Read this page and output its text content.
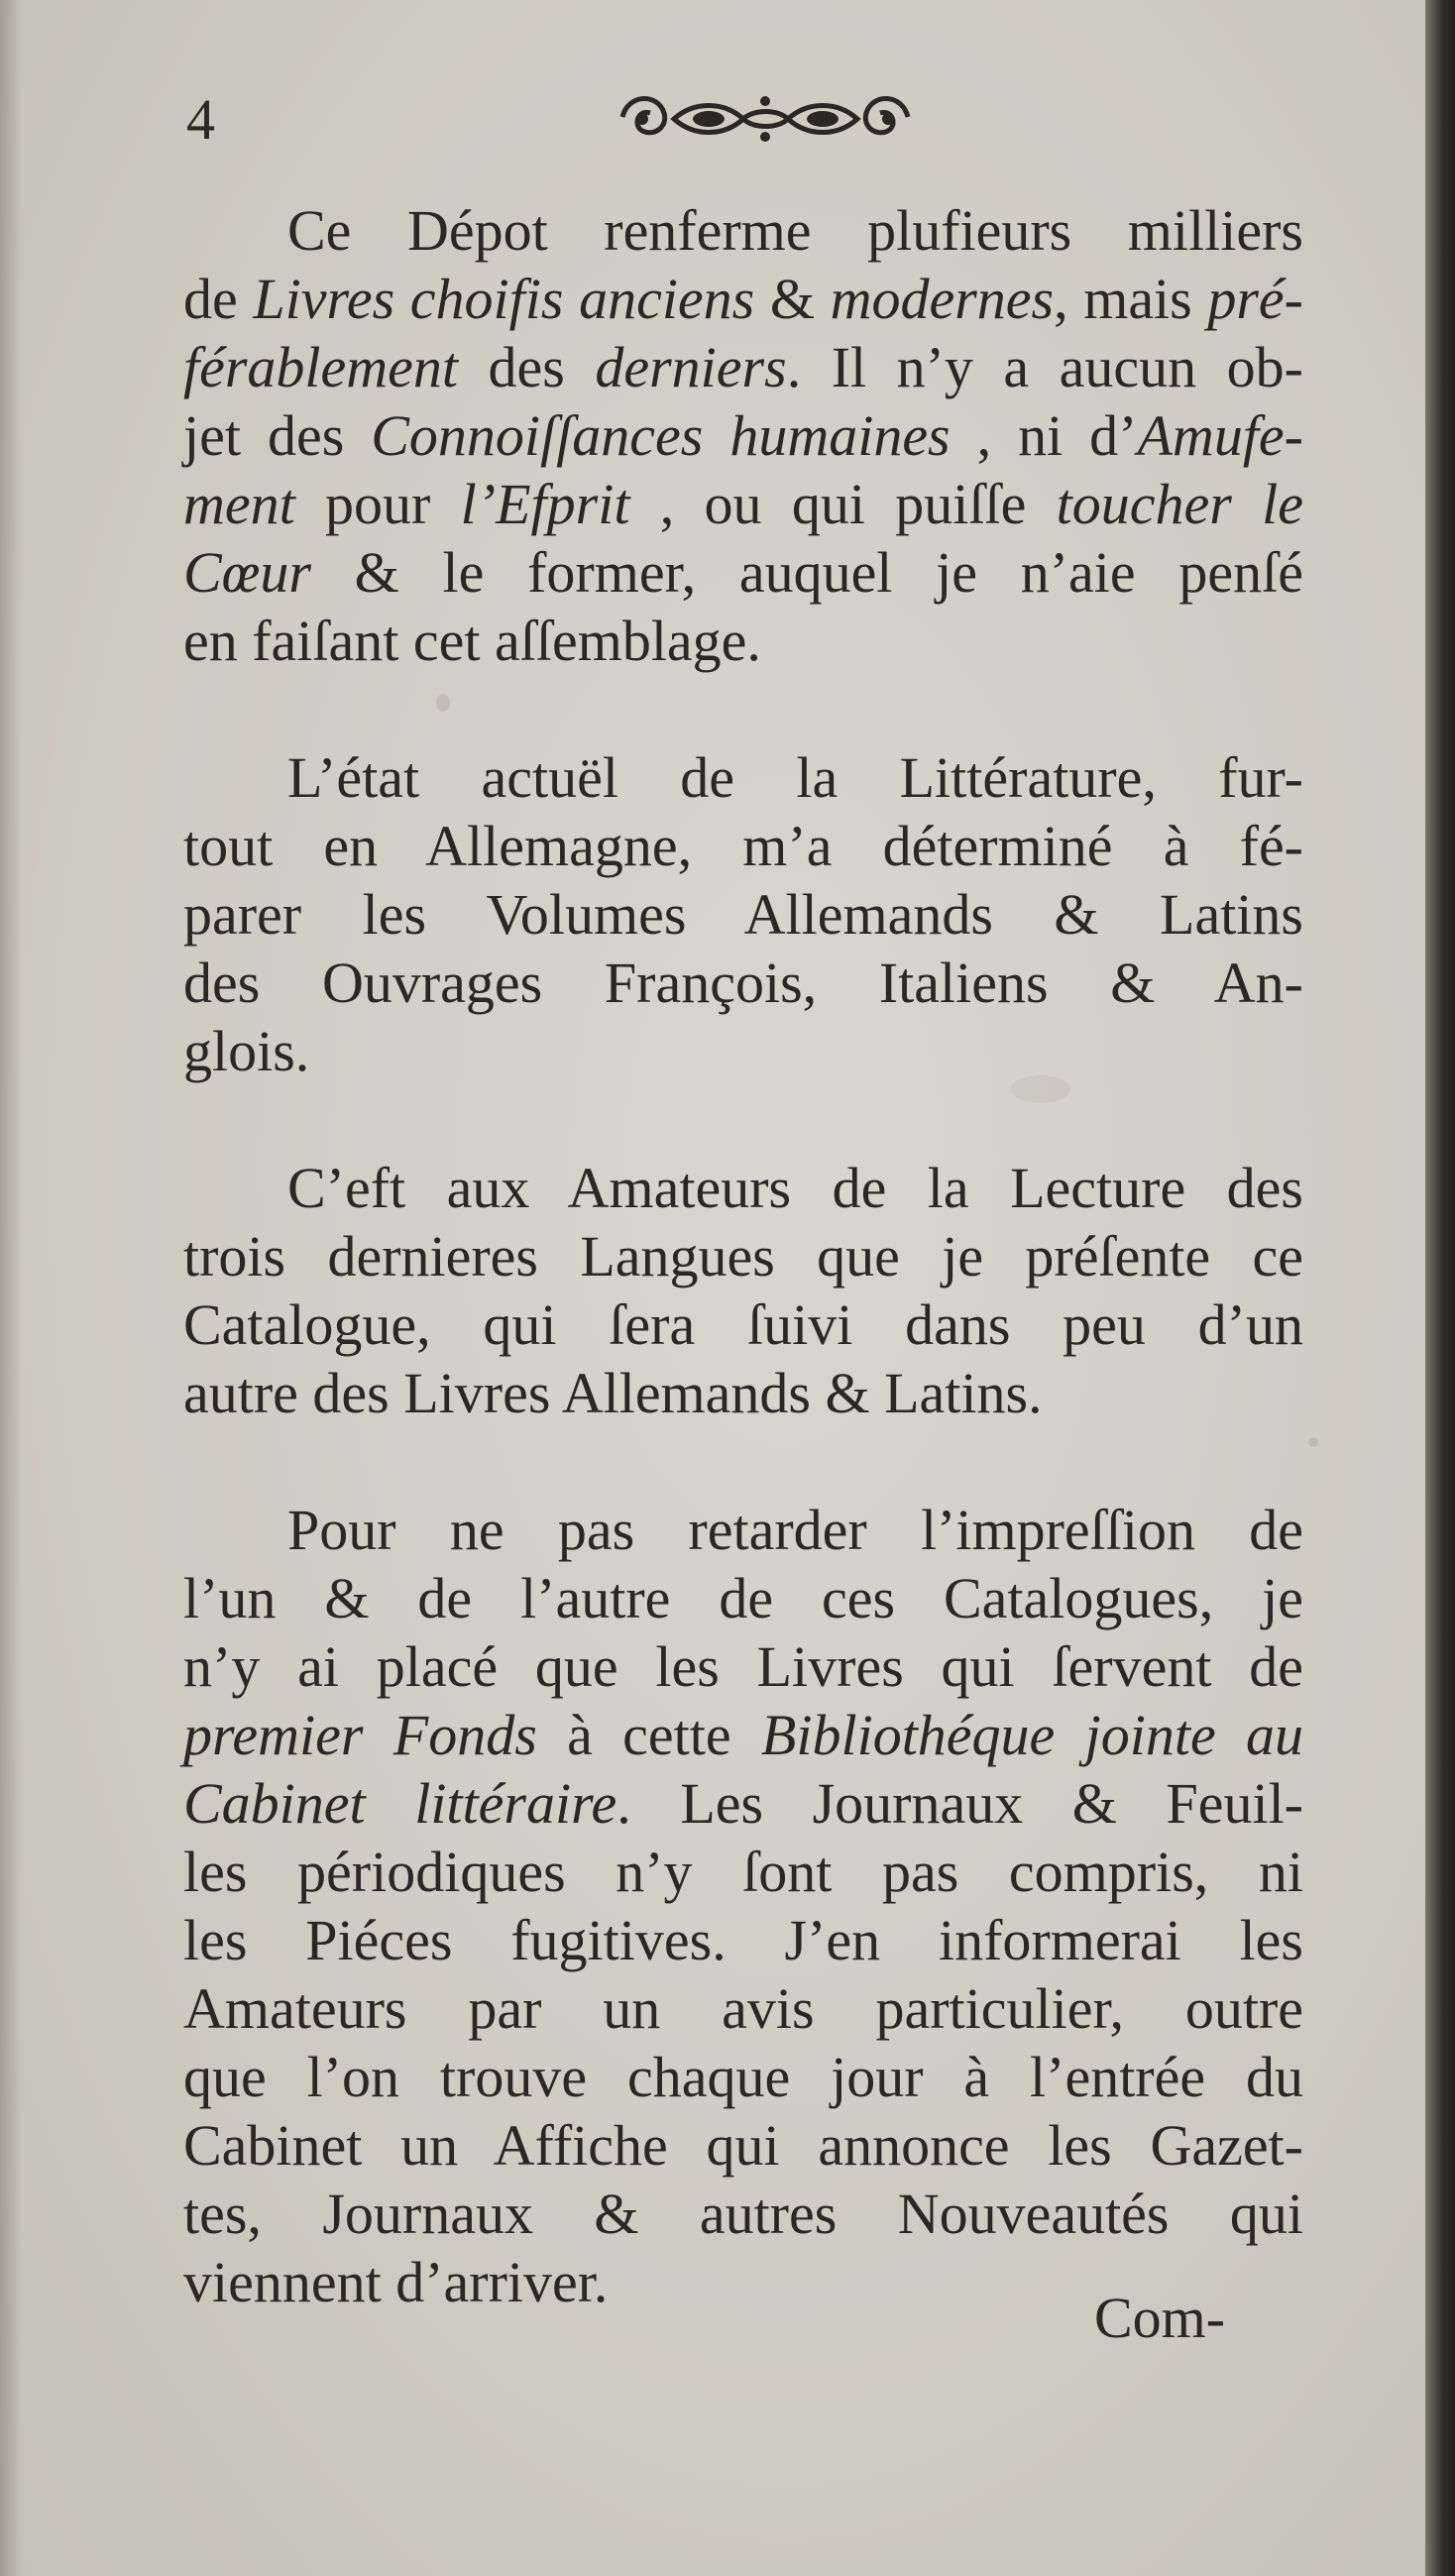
4
Ce Dépot renferme plufieurs milliers
de Livres choifis anciens & modernes, mais pré-
férablement des derniers. Il n’y a aucun ob-
jet des Connoiſſances humaines , ni d’Amufe-
ment pour l’Efprit , ou qui puiſſe toucher le
Cœur & le former, auquel je n’aie penſé
en faiſant cet aſſemblage.
L’état actuël de la Littérature, fur-
tout en Allemagne, m’a déterminé à fé-
parer les Volumes Allemands & Latins
des Ouvrages François, Italiens & An-
glois.
C’eft aux Amateurs de la Lecture des
trois dernieres Langues que je préſente ce
Catalogue, qui ſera ſuivi dans peu d’un
autre des Livres Allemands & Latins.
Pour ne pas retarder l’impreſſion de
l’un & de l’autre de ces Catalogues, je
n’y ai placé que les Livres qui ſervent de
premier Fonds à cette Bibliothéque jointe au
Cabinet littéraire. Les Journaux & Feuil-
les périodiques n’y ſont pas compris, ni
les Piéces fugitives. J’en informerai les
Amateurs par un avis particulier, outre
que l’on trouve chaque jour à l’entrée du
Cabinet un Affiche qui annonce les Gazet-
tes, Journaux & autres Nouveautés qui
viennent d’arriver.
Com-
